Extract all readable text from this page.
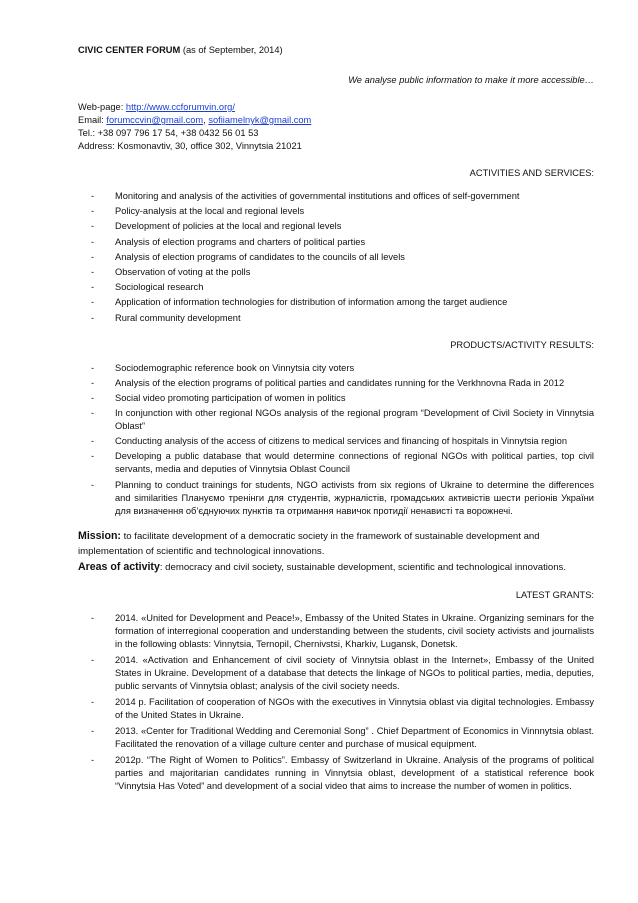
CIVIC CENTER FORUM (as of September, 2014)

We analyse public information to make it more accessible…

Web-page: http://www.ccforumvin.org/

Email: forumccvin@gmail.com, sofiiamelnyk@gmail.com

Tel.: +38 097 796 17 54, +38 0432 56 01 53

Address: Kosmonavtiv, 30, office 302, Vinnytsia 21021

ACTIVITIES AND SERVICES:

- Monitoring and analysis of the activities of governmental institutions and offices of self-government
- Policy-analysis at the local and regional levels
- Development of policies at the local and regional levels
- Analysis of election programs and charters of political parties
- Analysis of election programs of candidates to the councils of all levels
- Observation of voting at the polls
- Sociological research
- Application of information technologies for distribution of information among the target audience
- Rural community development

PRODUCTS/ACTIVITY RESULTS:

- Sociodemographic reference book on Vinnytsia city voters
- Analysis of the election programs of political parties and candidates running for the Verkhnovna Rada in 2012
- Social video promoting participation of women in politics
- In conjunction with other regional NGOs analysis of the regional program “Development of Civil Society in Vinnytsia Oblast”
- Conducting analysis of the access of citizens to medical services and financing of hospitals in Vinnytsia region
- Developing a public database that would determine connections of regional NGOs with political parties, top civil servants, media and deputies of Vinnytsia Oblast Council
- Planning to conduct trainings for students, NGO activists from six regions of Ukraine to determine the differences and similarities Плануємо тренінги для студентів, журналістів, громадських активістів шести регіонів України для визначення об’єднуючих пунктів та отримання навичок протидії ненависті та ворожнечі.

Mission: to facilitate development of a democratic society in the framework of sustainable development and implementation of scientific and technological innovations.

Areas of activity: democracy and civil society, sustainable development, scientific and technological innovations.

LATEST GRANTS:

- 2014. «United for Development and Peace!», Embassy of the United States in Ukraine. Organizing seminars for the formation of interregional cooperation and understanding between the students, civil society activists and journalists in the following oblasts: Vinnytsia, Ternopil, Chernivstsі, Kharkiv, Lugansk, Donetsk.
- 2014. «Activation and Enhancement of civil society of Vinnytsia oblast in the Internet», Embassy of the United States in Ukraine. Development of a database that detects the linkage of NGOs to political parties, media, deputies, public servants of Vinnytsia oblast; analysis of the civil society needs.
- 2014 р. Facilitation of cooperation of NGOs with the executives in Vinnytsia oblast via digital technologies. Embassy of the United States in Ukraine.
- 2013. «Center for Traditional Wedding and Ceremonial Song” . Chief Department of Economics in Vinnnytsia oblast. Facilitated the renovation of a village culture center and purchase of musical equipment.
- 2012р. “The Right of Women to Politics”. Embassy of Switzerland in Ukraine. Analysis of the programs of political parties and majoritarian candidates running in Vinnytsia oblast, development of a statistical reference book “Vinnytsia Has Voted” and development of a social video that aims to increase the number of women in politics.
